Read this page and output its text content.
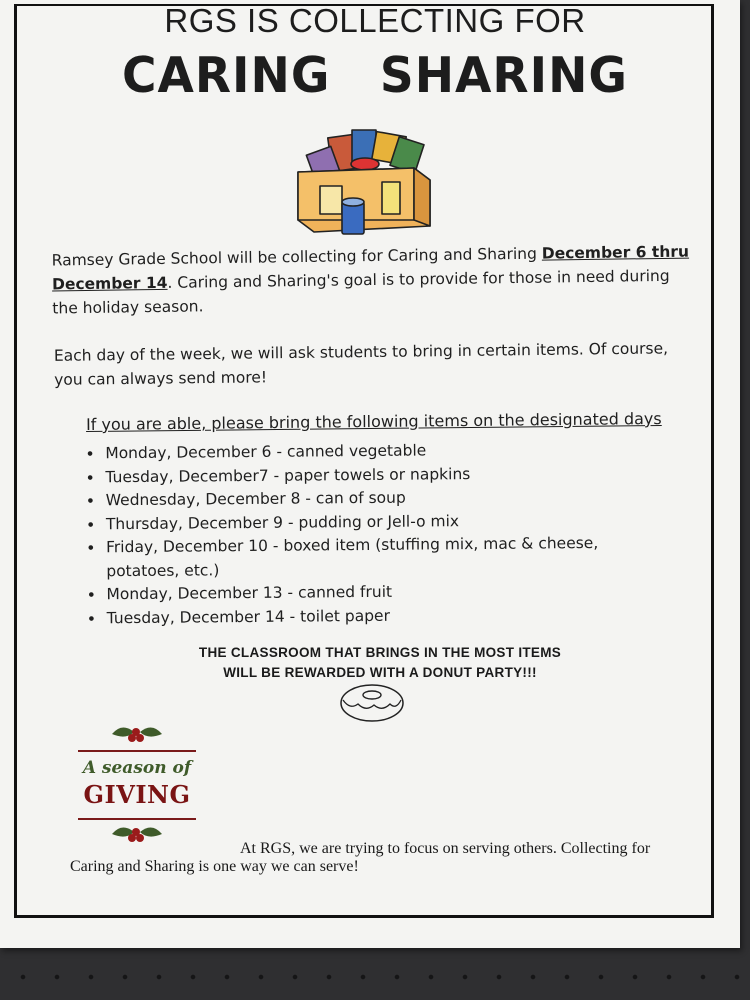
RGS IS COLLECTING FOR
CARING SHARING
Ramsey Grade School will be collecting for Caring and Sharing December 6 thru December 14. Caring and Sharing's goal is to provide for those in need during the holiday season.
Each day of the week, we will ask students to bring in certain items. Of course, you can always send more!
If you are able, please bring the following items on the designated days
• Monday, December 6 - canned vegetable
• Tuesday, December7 - paper towels or napkins
• Wednesday, December 8 - can of soup
• Thursday, December 9 - pudding or Jell-o mix
• Friday, December 10 - boxed item (stuffing mix, mac & cheese, potatoes, etc.)
• Monday, December 13 - canned fruit
• Tuesday, December 14 - toilet paper
THE CLASSROOM THAT BRINGS IN THE MOST ITEMS
WILL BE REWARDED WITH A DONUT PARTY!!!
A season of
GIVING
At RGS, we are trying to focus on serving others. Collecting for
Caring and Sharing is one way we can serve!
